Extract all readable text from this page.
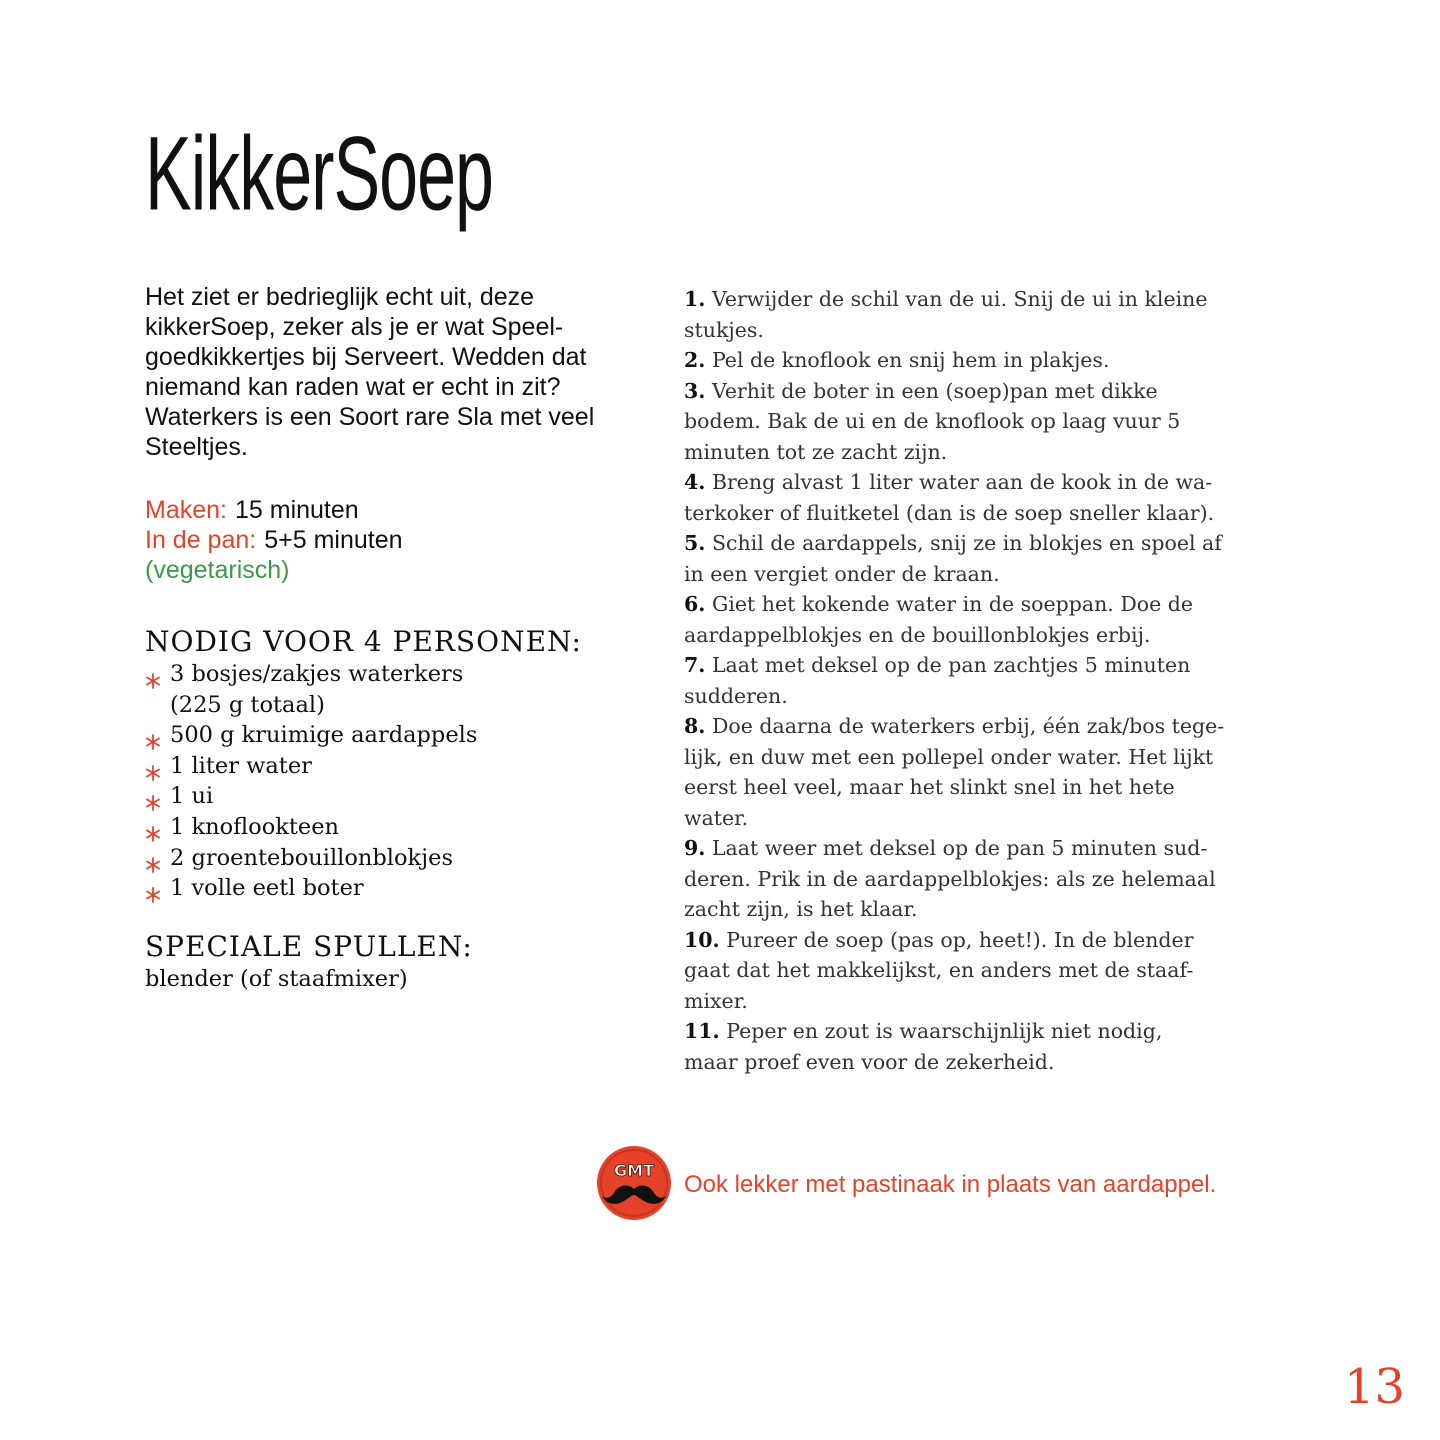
KikkerSoep
Het ziet er bedrieglijk echt uit, deze
kikkerSoep, zeker als je er wat Speel-
goedkikkertjes bij Serveert. Wedden dat
niemand kan raden wat er echt in zit?
Waterkers is een Soort rare Sla met veel
Steeltjes.
Maken: 15 minuten
In de pan: 5+5 minuten
(vegetarisch)
NODIG VOOR 4 PERSONEN:
3 bosjes/zakjes waterkers
(225 g totaal)
500 g kruimige aardappels
1 liter water
1 ui
1 knoflookteen
2 groentebouillonblokjes
1 volle eetl boter
SPECIALE SPULLEN:
blender (of staafmixer)
1. Verwijder de schil van de ui. Snij de ui in kleine
stukjes.
2. Pel de knoflook en snij hem in plakjes.
3. Verhit de boter in een (soep)pan met dikke
bodem. Bak de ui en de knoflook op laag vuur 5
minuten tot ze zacht zijn.
4. Breng alvast 1 liter water aan de kook in de wa-
terkoker of fluitketel (dan is de soep sneller klaar).
5. Schil de aardappels, snij ze in blokjes en spoel af
in een vergiet onder de kraan.
6. Giet het kokende water in de soeppan. Doe de
aardappelblokjes en de bouillonblokjes erbij.
7. Laat met deksel op de pan zachtjes 5 minuten
sudderen.
8. Doe daarna de waterkers erbij, één zak/bos tege-
lijk, en duw met een pollepel onder water. Het lijkt
eerst heel veel, maar het slinkt snel in het hete
water.
9. Laat weer met deksel op de pan 5 minuten sud-
deren. Prik in de aardappelblokjes: als ze helemaal
zacht zijn, is het klaar.
10. Pureer de soep (pas op, heet!). In de blender
gaat dat het makkelijkst, en anders met de staaf-
mixer.
11. Peper en zout is waarschijnlijk niet nodig,
maar proef even voor de zekerheid.
GMT
Ook lekker met pastinaak in plaats van aardappel.
13
